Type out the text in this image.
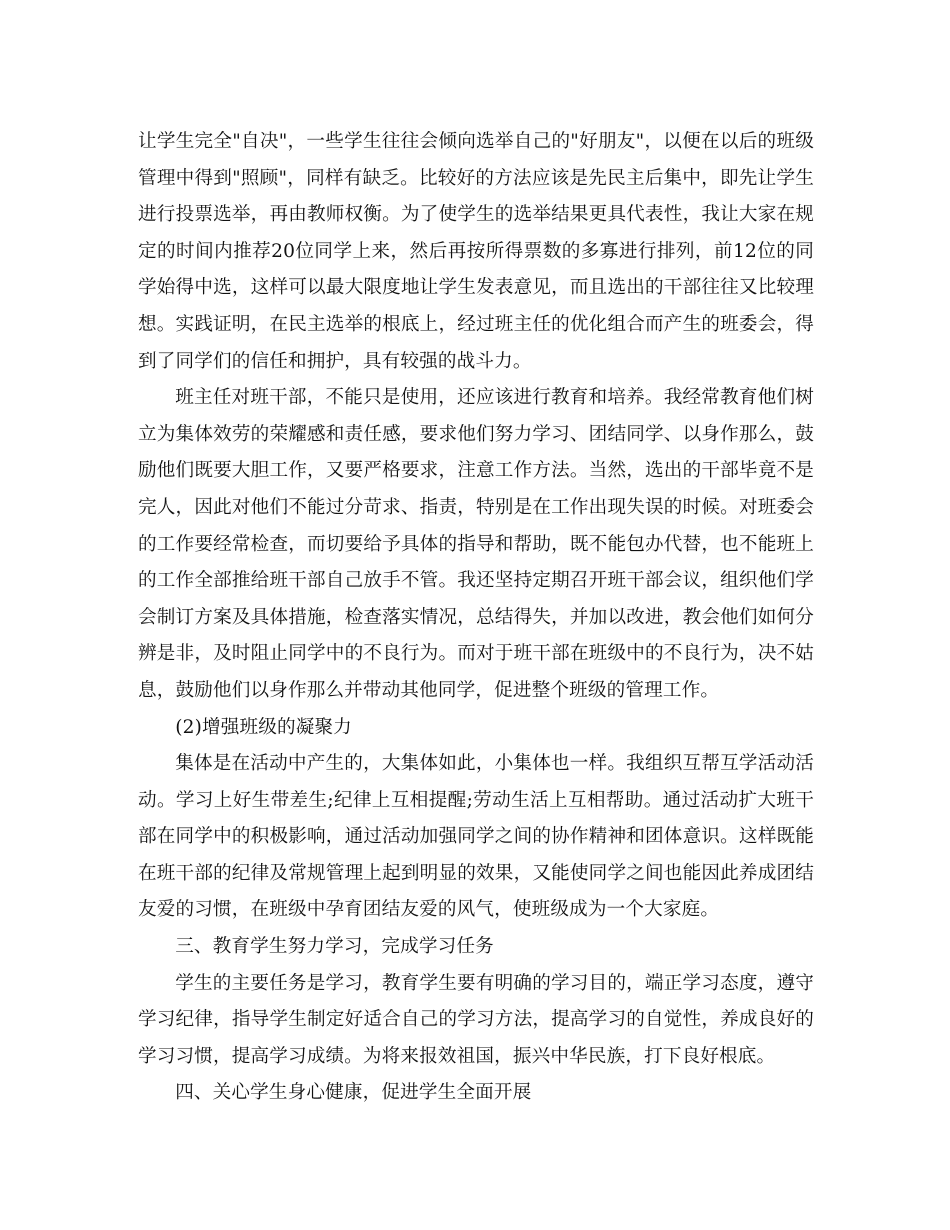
让学生完全"自决"，一些学生往往会倾向选举自己的"好朋友"，以便在以后的班级管理中得到"照顾"，同样有缺乏。比较好的方法应该是先民主后集中，即先让学生进行投票选举，再由教师权衡。为了使学生的选举结果更具代表性，我让大家在规定的时间内推荐20位同学上来，然后再按所得票数的多寡进行排列，前12位的同学始得中选，这样可以最大限度地让学生发表意见，而且选出的干部往往又比较理想。实践证明，在民主选举的根底上，经过班主任的优化组合而产生的班委会，得到了同学们的信任和拥护，具有较强的战斗力。

班主任对班干部，不能只是使用，还应该进行教育和培养。我经常教育他们树立为集体效劳的荣耀感和责任感，要求他们努力学习、团结同学、以身作那么，鼓励他们既要大胆工作，又要严格要求，注意工作方法。当然，选出的干部毕竟不是完人，因此对他们不能过分苛求、指责，特别是在工作出现失误的时候。对班委会的工作要经常检查，而切要给予具体的指导和帮助，既不能包办代替，也不能班上的工作全部推给班干部自己放手不管。我还坚持定期召开班干部会议，组织他们学会制订方案及具体措施，检查落实情况，总结得失，并加以改进，教会他们如何分辨是非，及时阻止同学中的不良行为。而对于班干部在班级中的不良行为，决不姑息，鼓励他们以身作那么并带动其他同学，促进整个班级的管理工作。

(2)增强班级的凝聚力

集体是在活动中产生的，大集体如此，小集体也一样。我组织互帮互学活动活动。学习上好生带差生;纪律上互相提醒;劳动生活上互相帮助。通过活动扩大班干部在同学中的积极影响，通过活动加强同学之间的协作精神和团体意识。这样既能在班干部的纪律及常规管理上起到明显的效果，又能使同学之间也能因此养成团结友爱的习惯，在班级中孕育团结友爱的风气，使班级成为一个大家庭。

三、教育学生努力学习，完成学习任务

学生的主要任务是学习，教育学生要有明确的学习目的，端正学习态度，遵守学习纪律，指导学生制定好适合自己的学习方法，提高学习的自觉性，养成良好的学习习惯，提高学习成绩。为将来报效祖国，振兴中华民族，打下良好根底。

四、关心学生身心健康，促进学生全面开展
